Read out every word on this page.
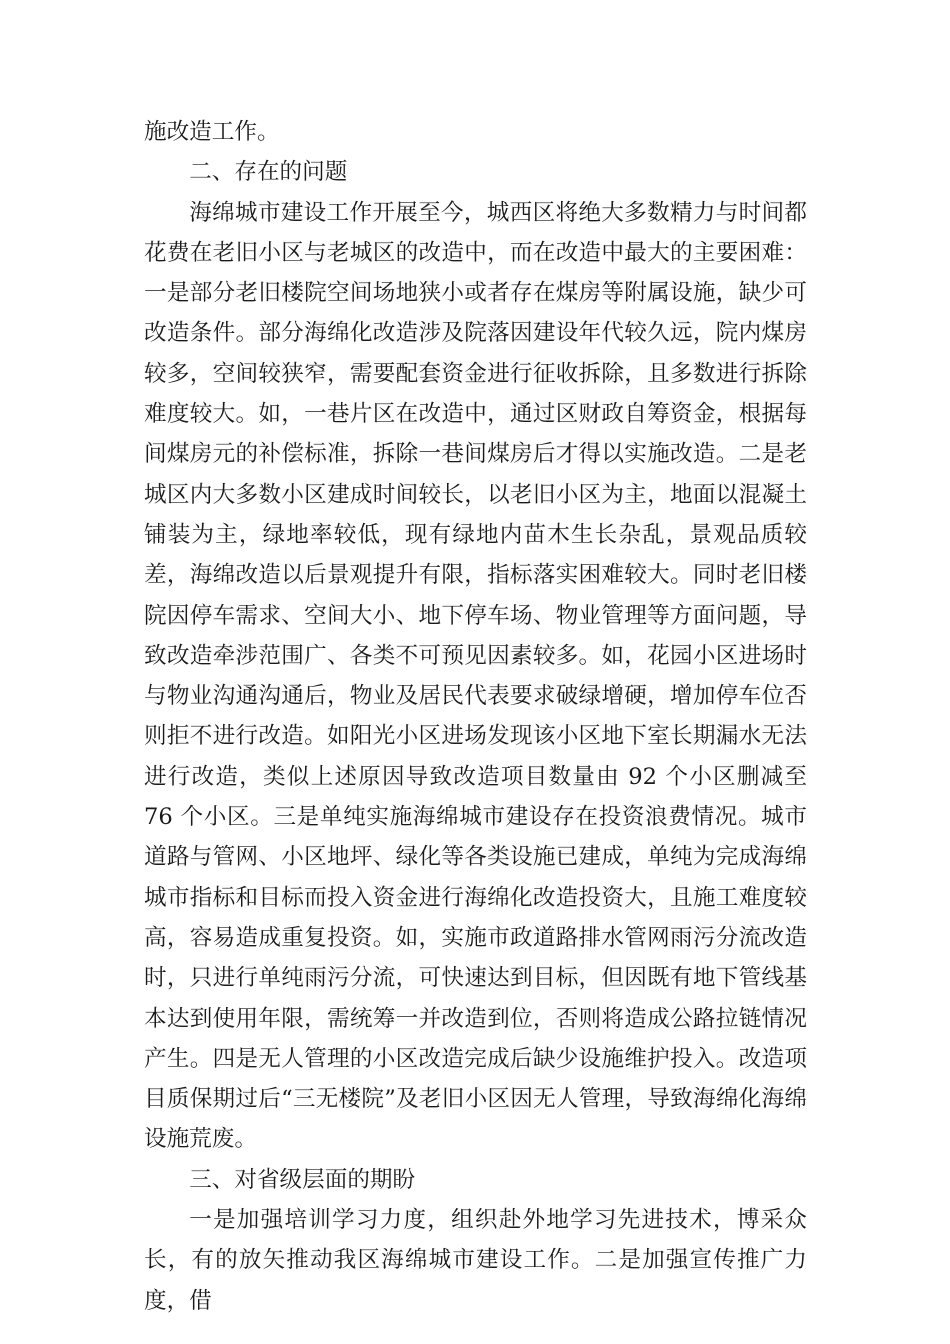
施改造工作。

二、存在的问题

海绵城市建设工作开展至今，城西区将绝大多数精力与时间都花费在老旧小区与老城区的改造中，而在改造中最大的主要困难：一是部分老旧楼院空间场地狭小或者存在煤房等附属设施，缺少可改造条件。部分海绵化改造涉及院落因建设年代较久远，院内煤房较多，空间较狭窄，需要配套资金进行征收拆除，且多数进行拆除难度较大。如，一巷片区在改造中，通过区财政自筹资金，根据每间煤房元的补偿标准，拆除一巷间煤房后才得以实施改造。二是老城区内大多数小区建成时间较长，以老旧小区为主，地面以混凝土铺装为主，绿地率较低，现有绿地内苗木生长杂乱，景观品质较差，海绵改造以后景观提升有限，指标落实困难较大。同时老旧楼院因停车需求、空间大小、地下停车场、物业管理等方面问题，导致改造牵涉范围广、各类不可预见因素较多。如，花园小区进场时与物业沟通沟通后，物业及居民代表要求破绿增硬，增加停车位否则拒不进行改造。如阳光小区进场发现该小区地下室长期漏水无法进行改造，类似上述原因导致改造项目数量由 92 个小区删减至 76 个小区。三是单纯实施海绵城市建设存在投资浪费情况。城市道路与管网、小区地坪、绿化等各类设施已建成，单纯为完成海绵城市指标和目标而投入资金进行海绵化改造投资大，且施工难度较高，容易造成重复投资。如，实施市政道路排水管网雨污分流改造时，只进行单纯雨污分流，可快速达到目标，但因既有地下管线基本达到使用年限，需统筹一并改造到位，否则将造成公路拉链情况产生。四是无人管理的小区改造完成后缺少设施维护投入。改造项目质保期过后“三无楼院”及老旧小区因无人管理，导致海绵化海绵设施荒废。

三、对省级层面的期盼

一是加强培训学习力度，组织赴外地学习先进技术，博采众长，有的放矢推动我区海绵城市建设工作。二是加强宣传推广力度，借
